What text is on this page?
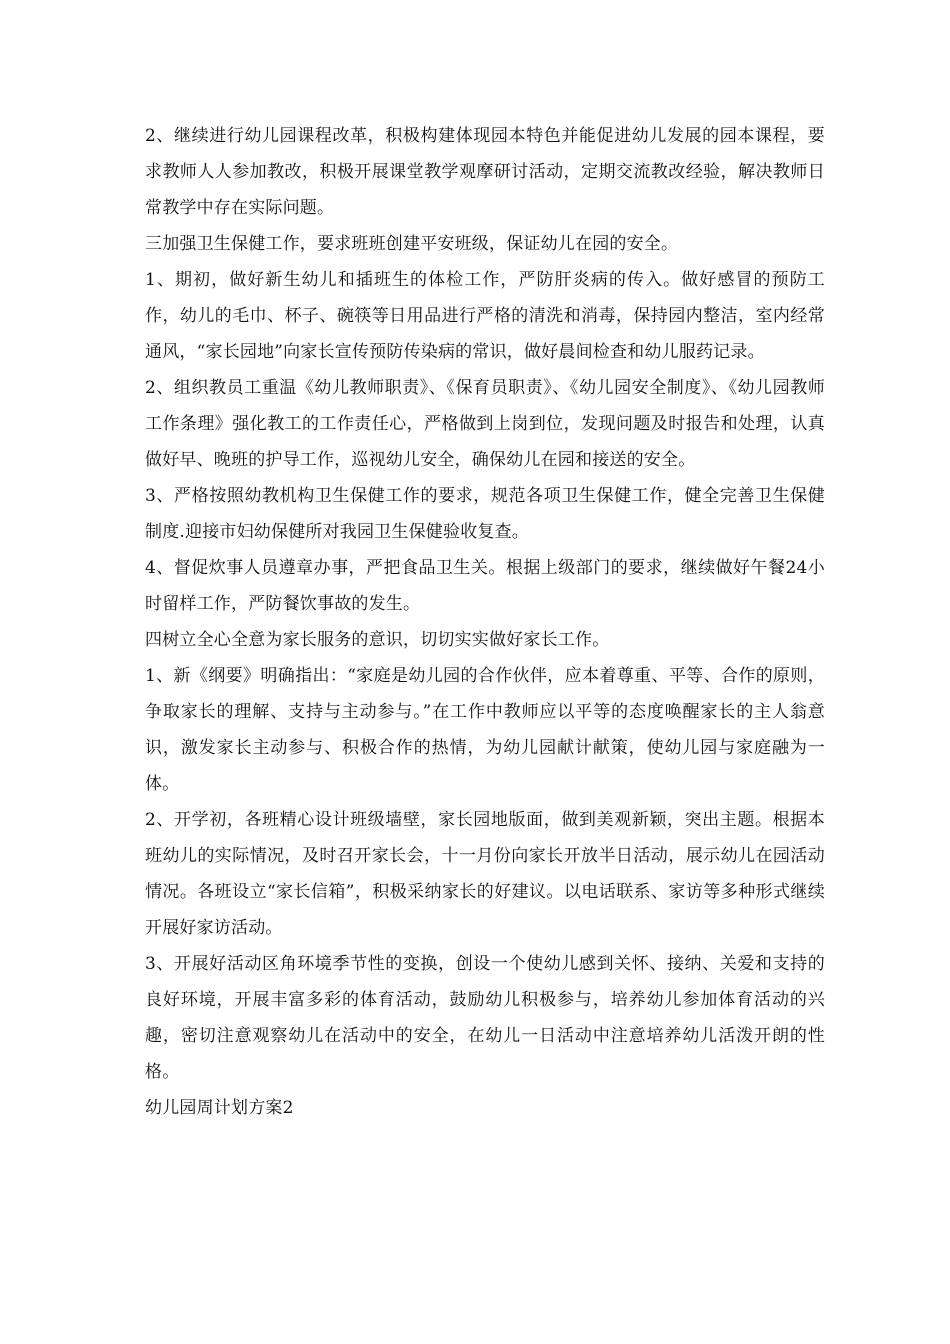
2、继续进行幼儿园课程改革，积极构建体现园本特色并能促进幼儿发展的园本课程，要求教师人人参加教改，积极开展课堂教学观摩研讨活动，定期交流教改经验，解决教师日常教学中存在实际问题。

三加强卫生保健工作，要求班班创建平安班级，保证幼儿在园的安全。

1、期初，做好新生幼儿和插班生的体检工作，严防肝炎病的传入。做好感冒的预防工作，幼儿的毛巾、杯子、碗筷等日用品进行严格的清洗和消毒，保持园内整洁，室内经常通风，“家长园地”向家长宣传预防传染病的常识，做好晨间检查和幼儿服药记录。

2、组织教员工重温《幼儿教师职责》、《保育员职责》、《幼儿园安全制度》、《幼儿园教师工作条理》强化教工的工作责任心，严格做到上岗到位，发现问题及时报告和处理，认真做好早、晚班的护导工作，巡视幼儿安全，确保幼儿在园和接送的安全。

3、严格按照幼教机构卫生保健工作的要求，规范各项卫生保健工作，健全完善卫生保健制度.迎接市妇幼保健所对我园卫生保健验收复查。

4、督促炊事人员遵章办事，严把食品卫生关。根据上级部门的要求，继续做好午餐24小时留样工作，严防餐饮事故的发生。

四树立全心全意为家长服务的意识，切切实实做好家长工作。

1、新《纲要》明确指出：“家庭是幼儿园的合作伙伴，应本着尊重、平等、合作的原则，争取家长的理解、支持与主动参与。”在工作中教师应以平等的态度唤醒家长的主人翁意识，激发家长主动参与、积极合作的热情，为幼儿园献计献策，使幼儿园与家庭融为一体。

2、开学初，各班精心设计班级墙壁，家长园地版面，做到美观新颖，突出主题。根据本班幼儿的实际情况，及时召开家长会，十一月份向家长开放半日活动，展示幼儿在园活动情况。各班设立“家长信箱”，积极采纳家长的好建议。以电话联系、家访等多种形式继续开展好家访活动。

3、开展好活动区角环境季节性的变换，创设一个使幼儿感到关怀、接纳、关爱和支持的良好环境，开展丰富多彩的体育活动，鼓励幼儿积极参与，培养幼儿参加体育活动的兴趣，密切注意观察幼儿在活动中的安全，在幼儿一日活动中注意培养幼儿活泼开朗的性格。

幼儿园周计划方案2
